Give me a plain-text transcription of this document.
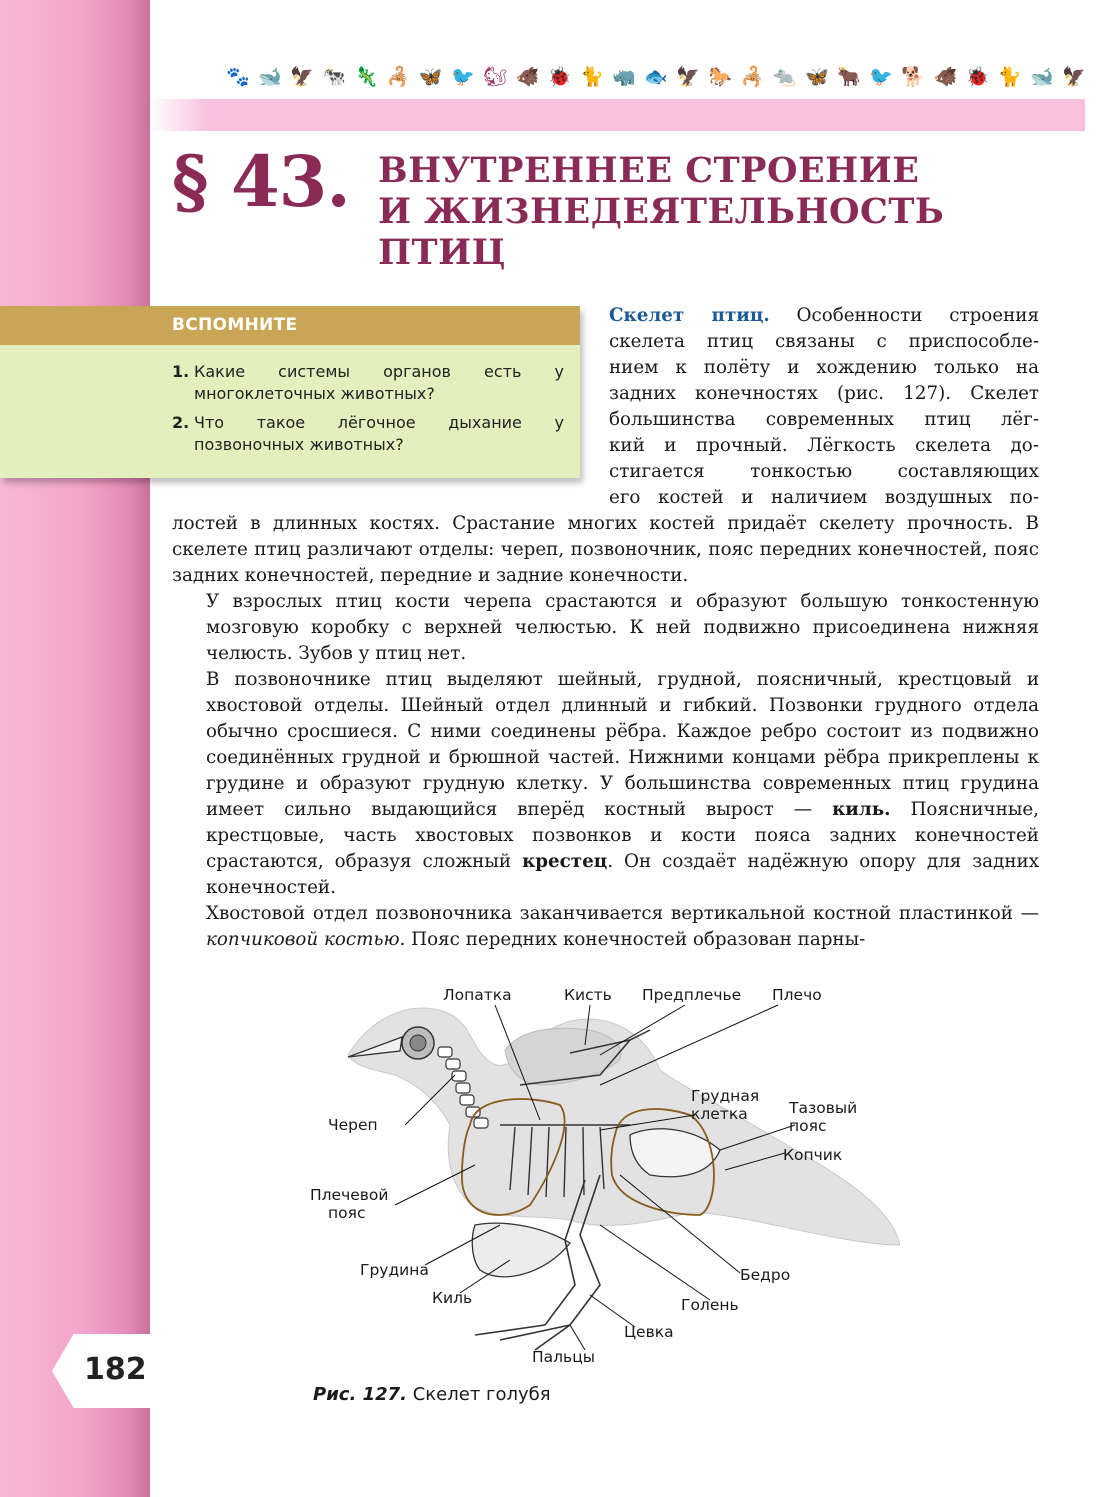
🐾 🐋 🦅 🐄 🦎 🦂 🦋 🐦 🐿 🐗 🐞 🐈 🦏 🐟 🦅 🐎 🦂 🐀 🦋 🐂 🐦 🐕 🐗 🐞 🐈 🐋 🦅
§ 43. ВНУТРЕННЕЕ СТРОЕНИЕ
И ЖИЗНЕДЕЯТЕЛЬНОСТЬ
ПТИЦ
ВСПОМНИТЕ
1. Какие системы органов есть у многоклеточных животных?
2. Что такое лёгочное дыхание у позвоночных животных?
Скелет птиц. Особенности строения
скелета птиц связаны с приспособле-
нием к полёту и хождению только на
задних конечностях (рис. 127). Скелет
большинства современных птиц лёг-
кий и прочный. Лёгкость скелета до-
стигается тонкостью составляющих
его костей и наличием воздушных по-

лостей в длинных костях. Срастание многих костей придаёт скелету прочность. В скелете птиц различают отделы: череп, позвоночник, пояс передних конечностей, пояс задних конечностей, передние и задние конечности.

У взрослых птиц кости черепа срастаются и образуют большую тонкостенную мозговую коробку с верхней челюстью. К ней подвижно присоединена нижняя челюсть. Зубов у птиц нет.

В позвоночнике птиц выделяют шейный, грудной, поясничный, крестцовый и хвостовой отделы. Шейный отдел длинный и гибкий. Позвонки грудного отдела обычно сросшиеся. С ними соединены рёбра. Каждое ребро состоит из подвижно соединённых грудной и брюшной частей. Нижними концами рёбра прикреплены к грудине и образуют грудную клетку. У большинства современных птиц грудина имеет сильно выдающийся вперёд костный вырост — киль. Поясничные, крестцовые, часть хвостовых позвонков и кости пояса задних конечностей срастаются, образуя сложный крестец. Он создаёт надёжную опору для задних конечностей.

Хвостовой отдел позвоночника заканчивается вертикальной костной пластинкой — копчиковой костью. Пояс передних конечностей образован парны-

Лопатка	Кисть Предплечье Плечо
Череп
Грудная
клетка	Тазовый
пояс
Копчик
Плечевой
пояс
Грудина
Киль
Бедро
Голень
Цевка
Пальцы
Рис. 127. Скелет голубя
182
